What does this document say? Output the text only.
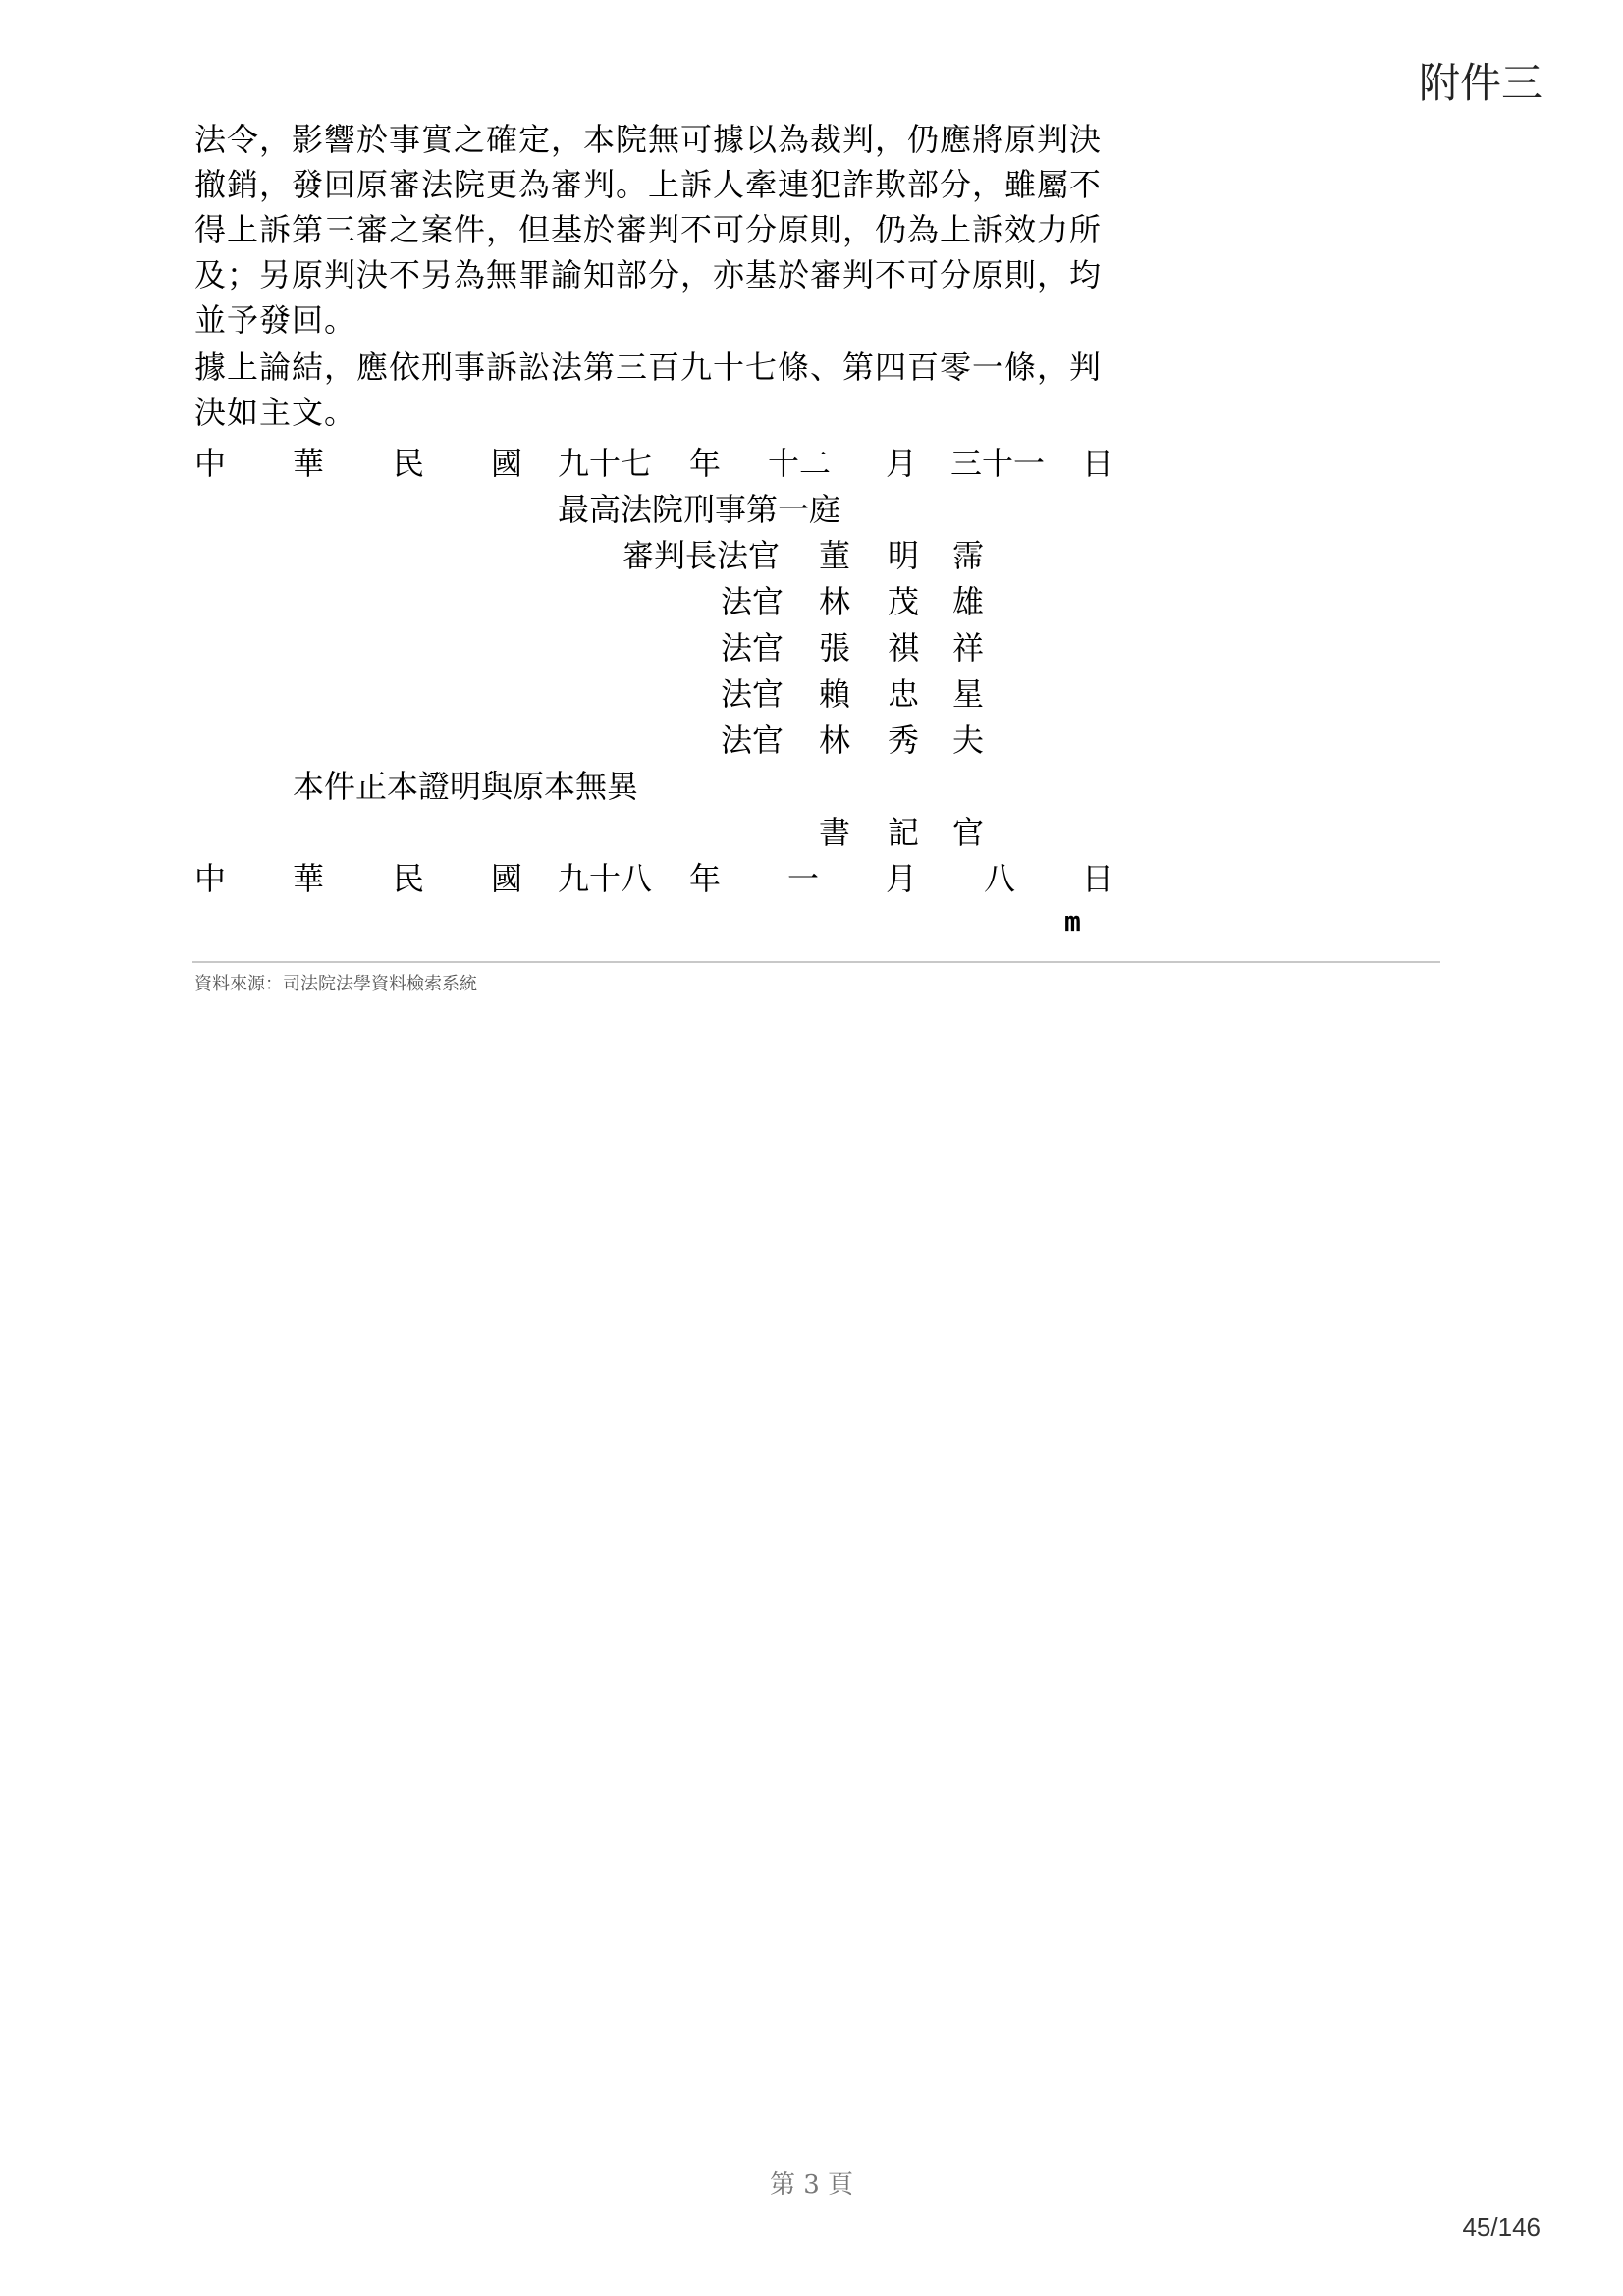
附件三
法令，影響於事實之確定，本院無可據以為裁判，仍應將原判決
撤銷，發回原審法院更為審判。上訴人牽連犯詐欺部分，雖屬不
得上訴第三審之案件，但基於審判不可分原則，仍為上訴效力所
及；另原判決不另為無罪諭知部分，亦基於審判不可分原則，均
並予發回。
據上論結，應依刑事訴訟法第三百九十七條、第四百零一條，判
決如主文。
中 華 民 國 九十七 年 十二 月 三十一 日
最高法院刑事第一庭
審判長法官 董 明 霈
法官 林 茂 雄
法官 張 祺 祥
法官 賴 忠 星
法官 林 秀 夫
本件正本證明與原本無異
書 記 官
中 華 民 國 九十八 年 一 月 八 日
m
資料來源：司法院法學資料檢索系統
第 3 頁
45/146
